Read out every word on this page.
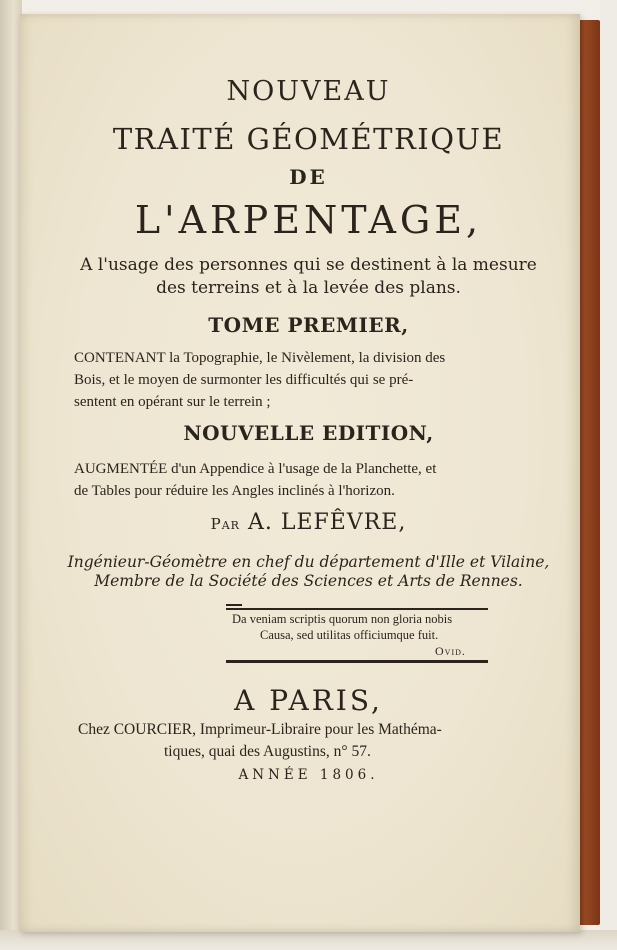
NOUVEAU
TRAITÉ GÉOMÉTRIQUE
DE
L'ARPENTAGE,
A l'usage des personnes qui se destinent à la mesure
des terreins et à la levée des plans.
TOME PREMIER,
CONTENANT la Topographie, le Nivèlement, la division des
Bois, et le moyen de surmonter les difficultés qui se pré-
sentent en opérant sur le terrein ;
NOUVELLE EDITION,
AUGMENTÉE d'un Appendice à l'usage de la Planchette, et
de Tables pour réduire les Angles inclinés à l'horizon.
Par A. LEFÊVRE,
Ingénieur-Géomètre en chef du département d'Ille et Vilaine,
Membre de la Société des Sciences et Arts de Rennes.
Da veniam scriptis quorum non gloria nobis
Causa, sed utilitas officiumque fuit.
Ovid.
A PARIS,
Chez COURCIER, Imprimeur-Libraire pour les Mathéma-
tiques, quai des Augustins, n° 57.
ANNÉE 1806.
